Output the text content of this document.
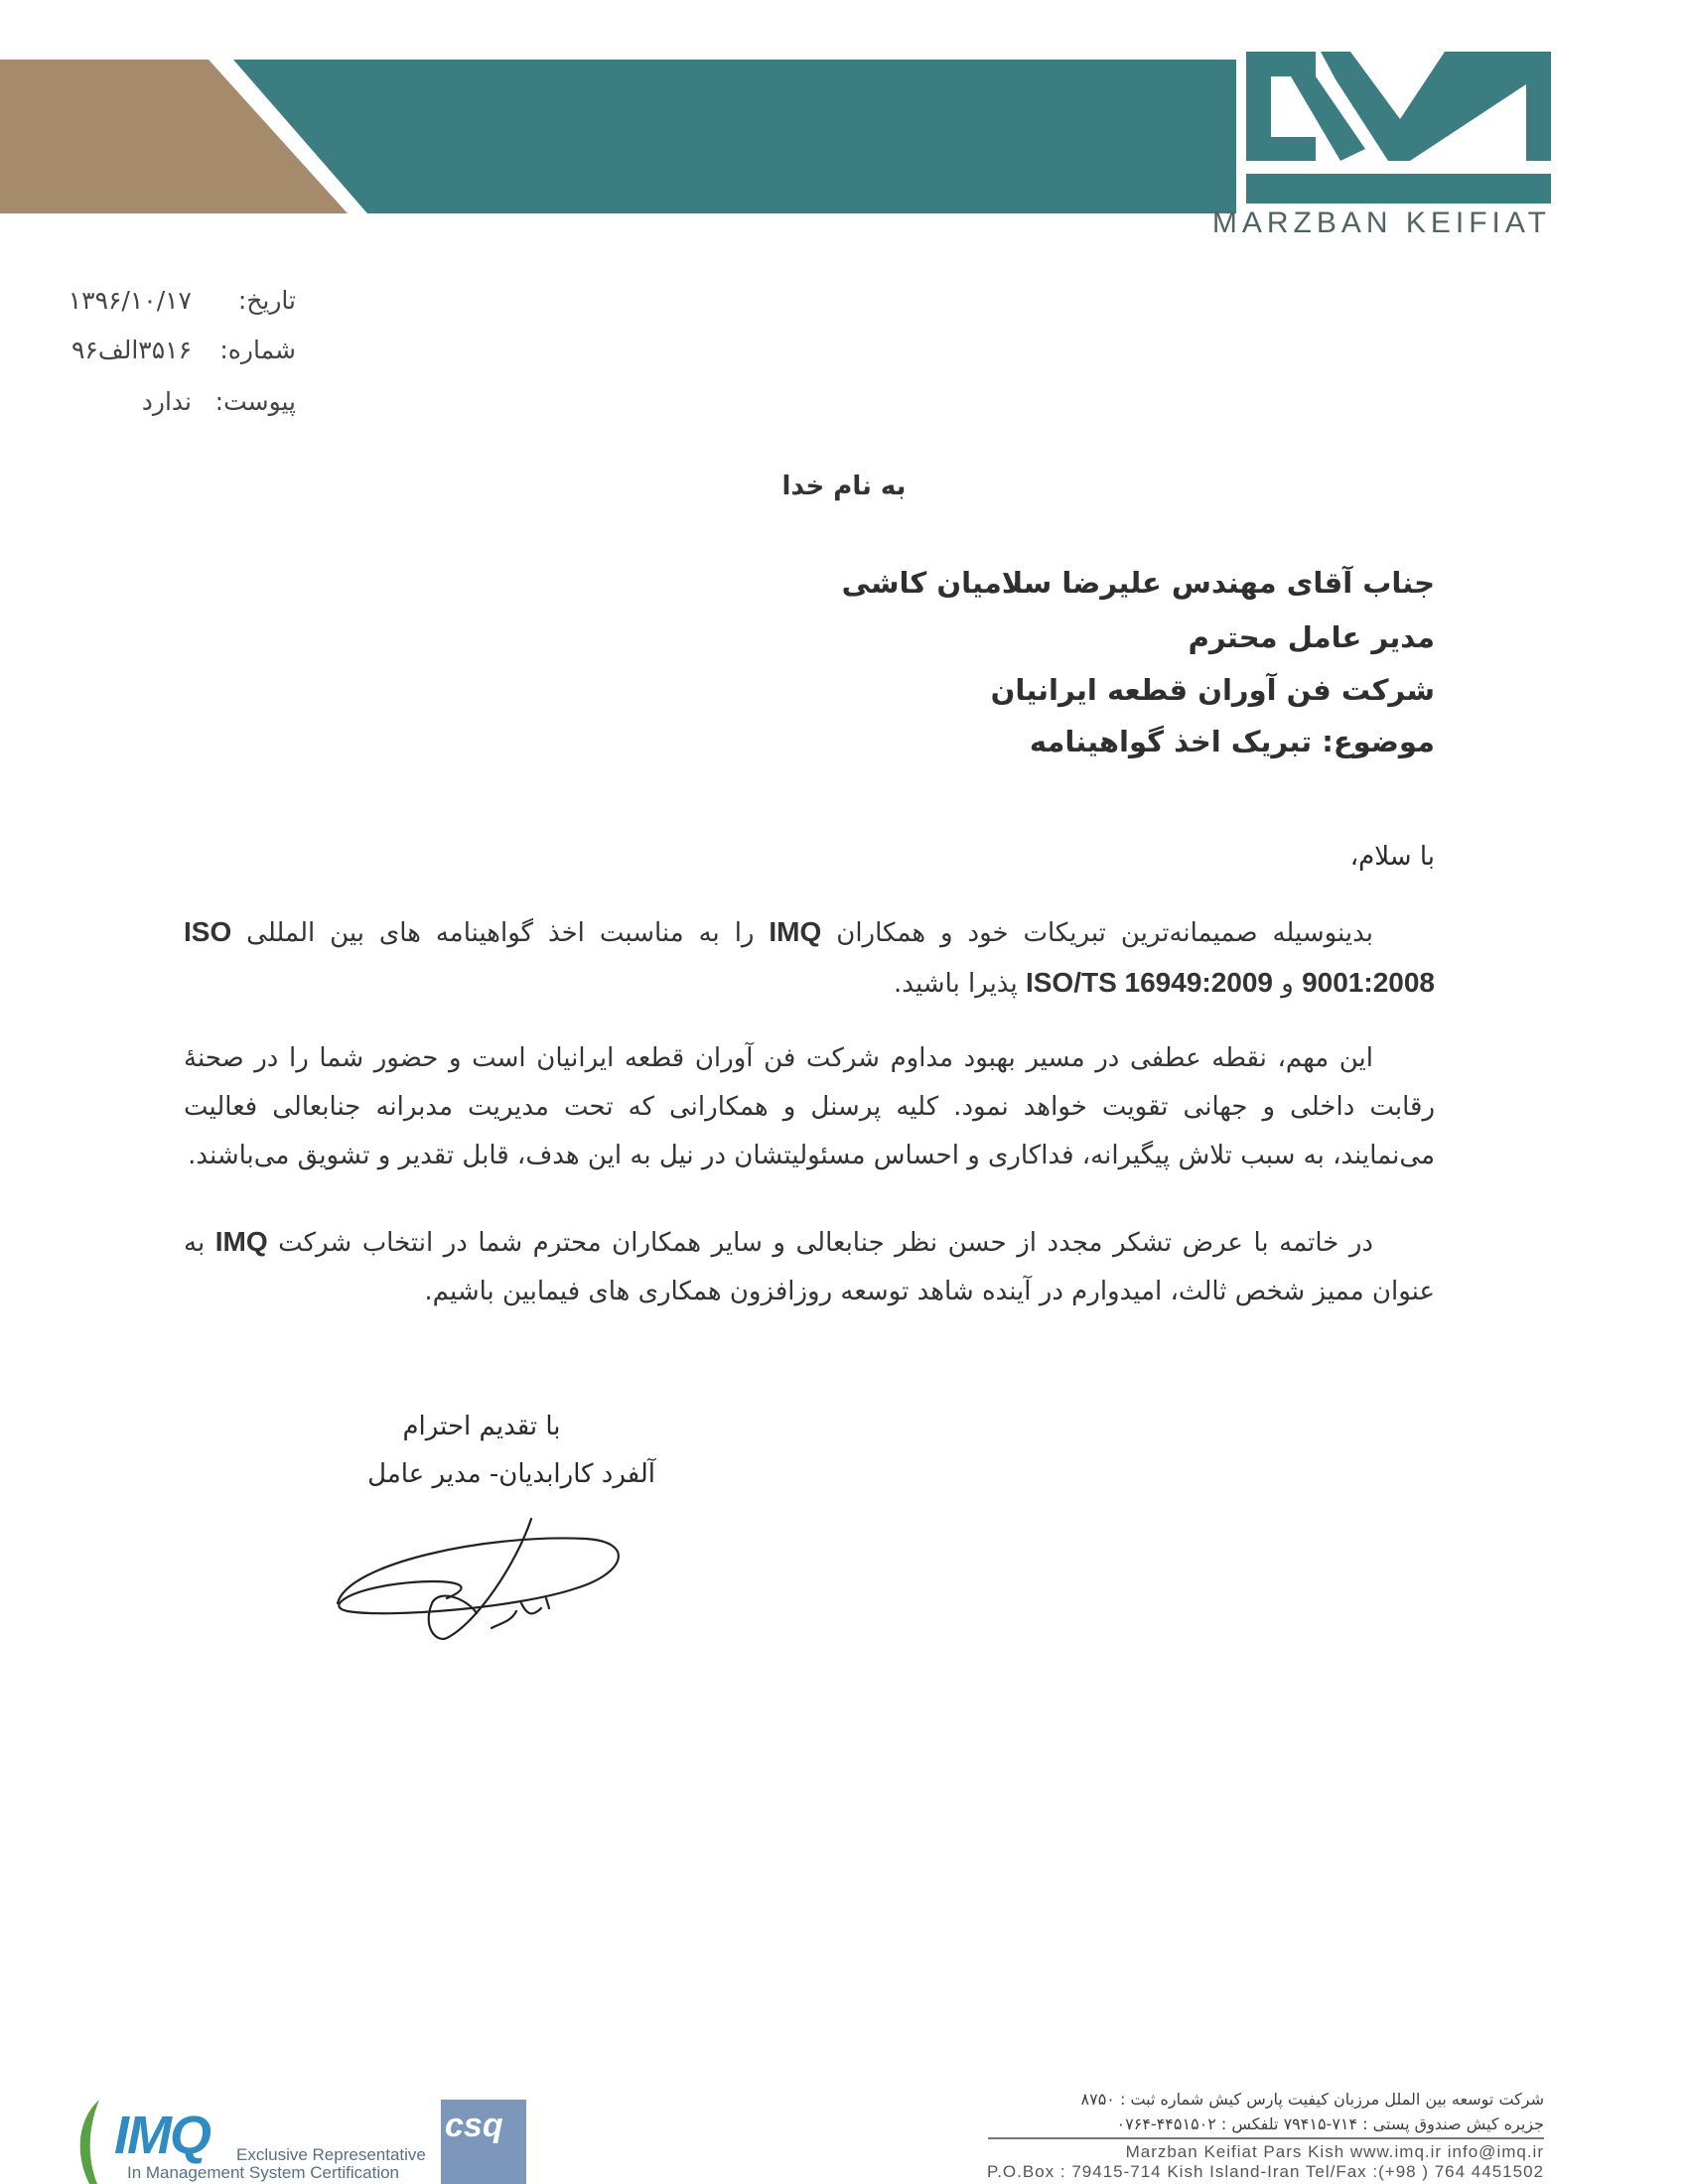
MARZBAN KEIFIAT
تاریخ:۱۳۹۶/۱۰/۱۷
شماره:۳۵۱۶الف۹۶
پیوست:ندارد
به نام خدا
جناب آقای مهندس علیرضا سلامیان کاشی
مدیر عامل محترم
شرکت فن آوران قطعه ایرانیان
موضوع: تبریک اخذ گواهینامه
با سلام،
بدینوسیله صمیمانه‌ترین تبریکات خود و همکاران IMQ را به مناسبت اخذ گواهینامه های بین المللی ISO 9001:2008 و ISO/TS 16949:2009 پذیرا باشید.
این مهم، نقطه عطفی در مسیر بهبود مداوم شرکت فن آوران قطعه ایرانیان است و حضور شما را در صحنهٔ رقابت داخلی و جهانی تقویت خواهد نمود. کلیه پرسنل و همکارانی که تحت مدیریت مدبرانه جنابعالی فعالیت می‌نمایند، به سبب تلاش پیگیرانه، فداکاری و احساس مسئولیتشان در نیل به این هدف، قابل تقدیر و تشویق می‌باشند.
در خاتمه با عرض تشکر مجدد از حسن نظر جنابعالی و سایر همکاران محترم شما در انتخاب شرکت IMQ به عنوان ممیز شخص ثالث، امیدوارم در آینده شاهد توسعه روزافزون همکاری های فیمابین باشیم.
با تقدیم احترام
آلفرد کارابدیان- مدیر عامل
IMQ	Exclusive Representative
In Management System Certification
csq
شرکت توسعه بین الملل مرزبان کیفیت پارس کیش شماره ثبت : ۸۷۵۰
جزیره کیش صندوق پستی : ۷۱۴-۷۹۴۱۵ تلفکس : ۴۴۵۱۵۰۲-۰۷۶۴
Marzban Keifiat Pars Kish www.imq.ir info@imq.ir
P.O.Box : 79415-714 Kish Island-Iran Tel/Fax :(+98 ) 764 4451502
